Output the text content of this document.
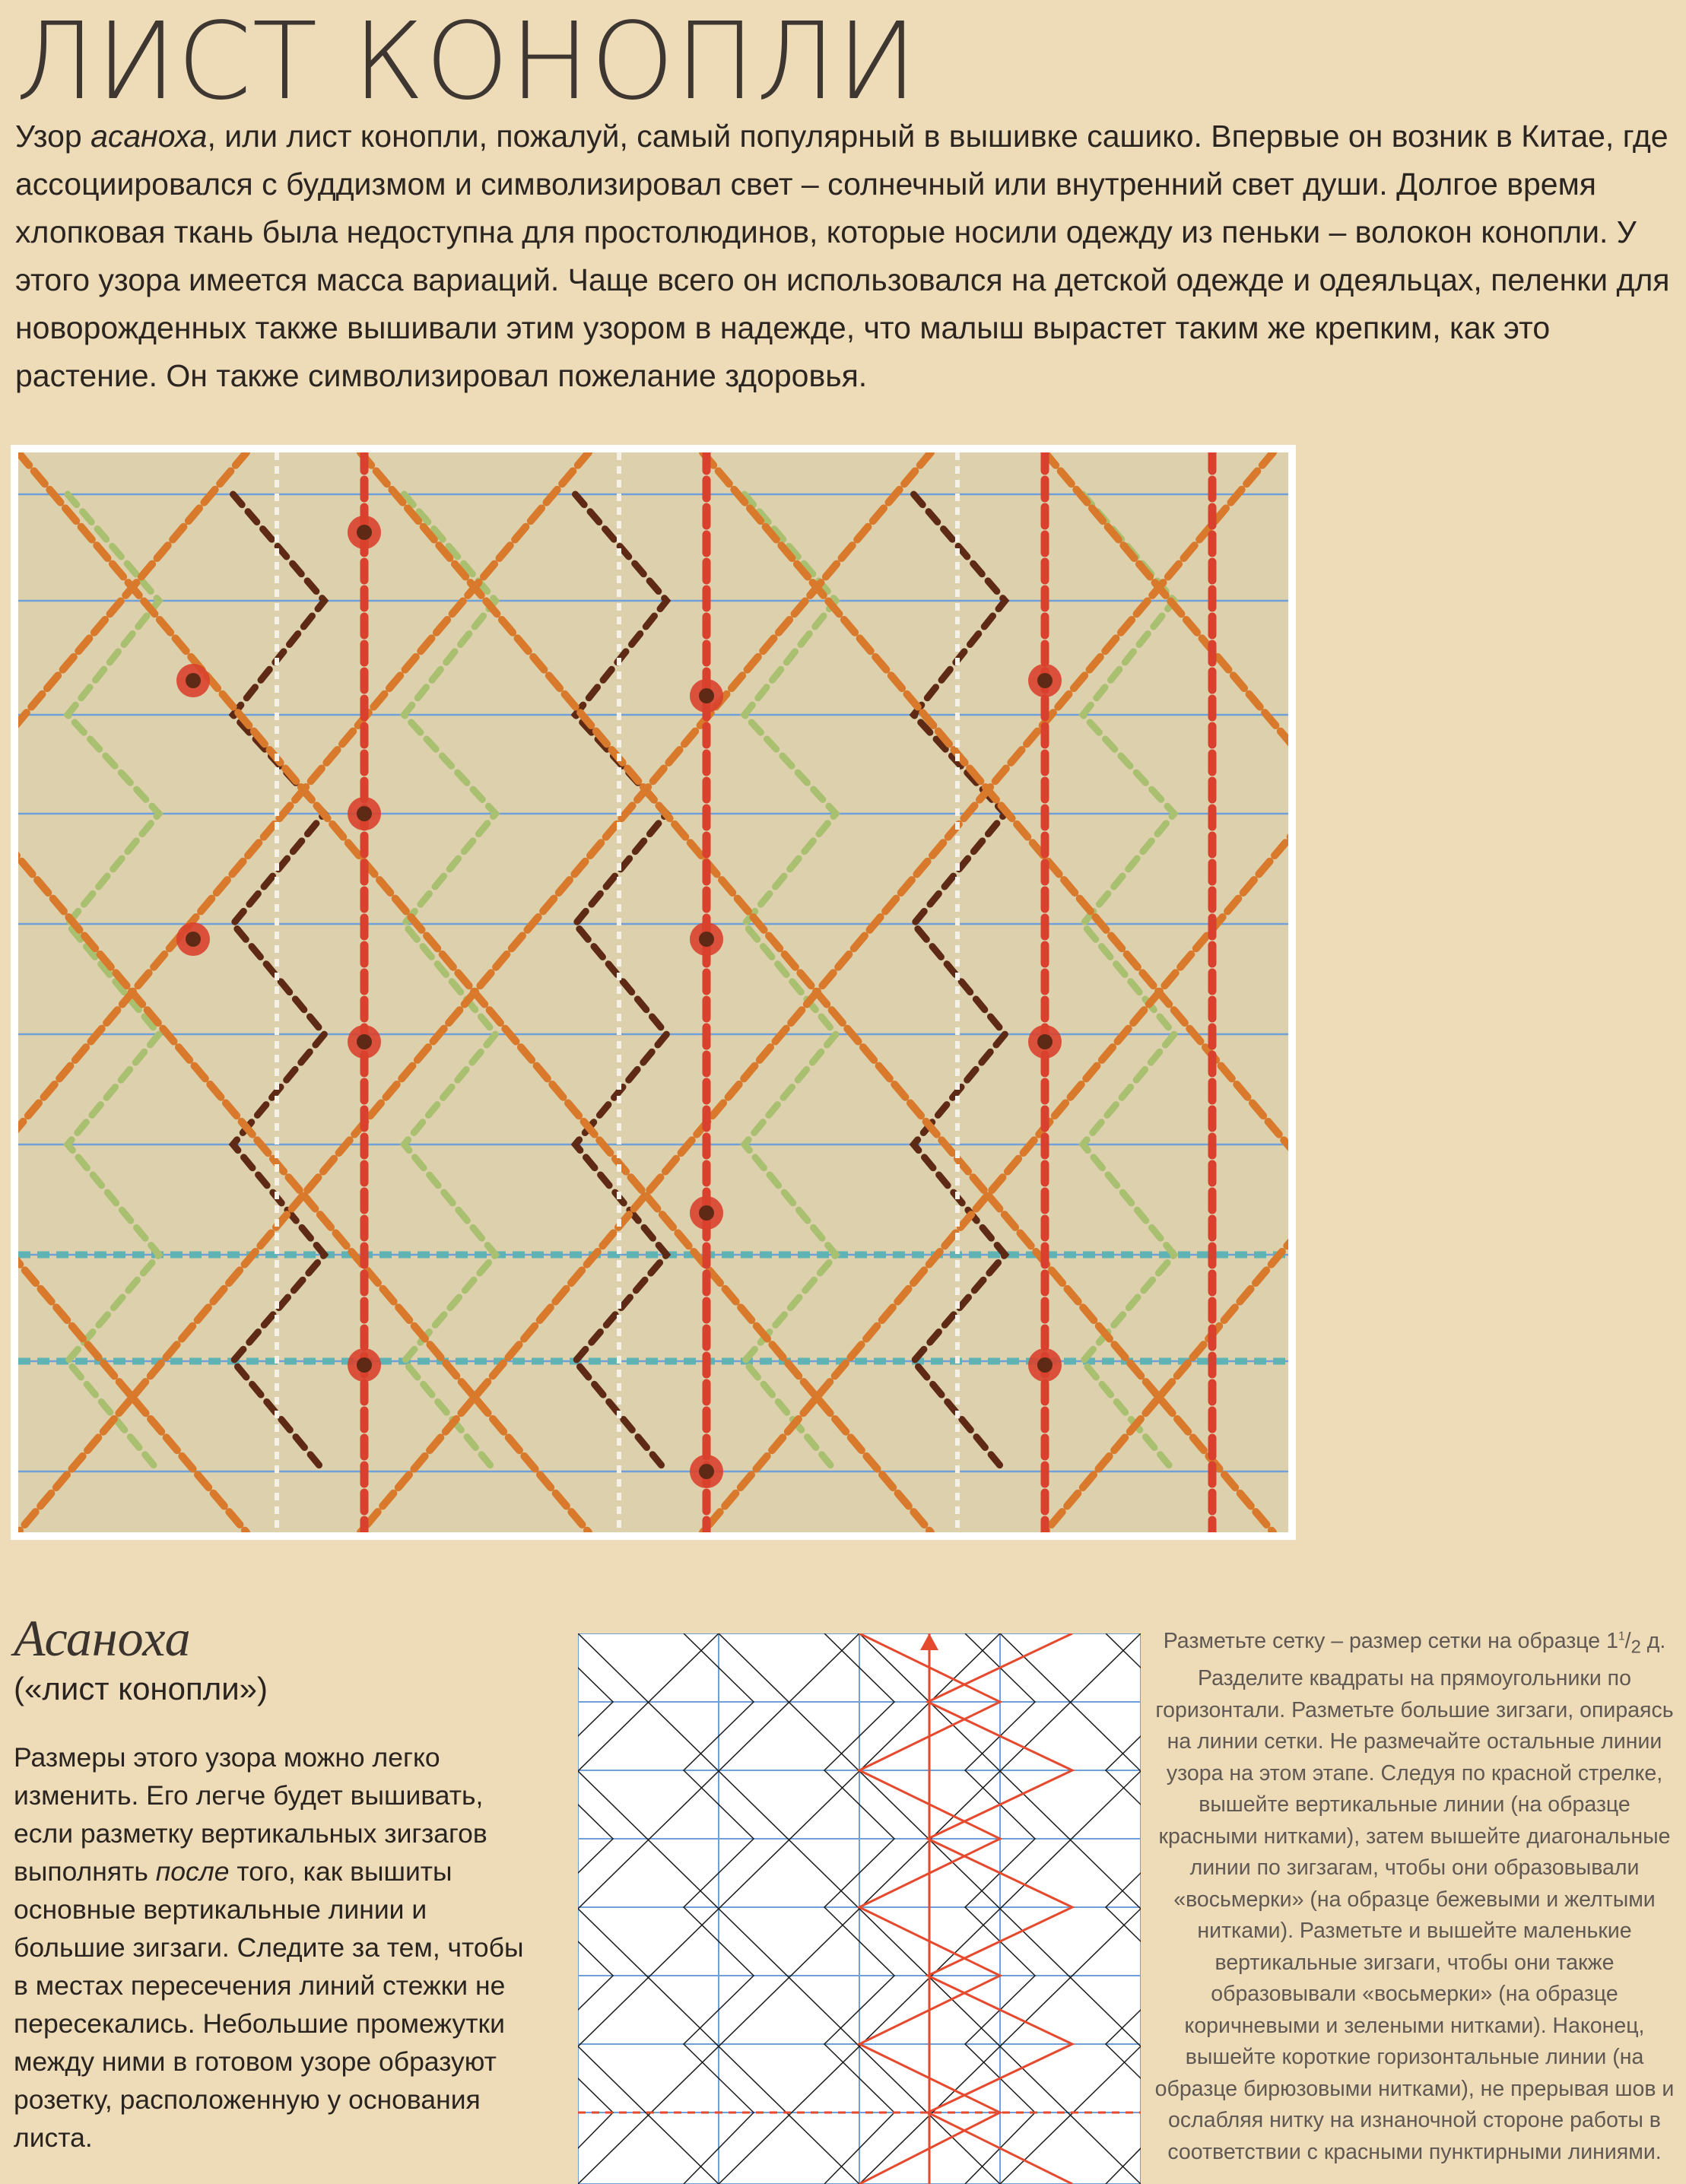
ЛИСТ КОНОПЛИ

Узор асаноха, или лист конопли, пожалуй, самый популярный в вышивке сашико. Впервые он возник в Китае, где ассоциировался с буддизмом и символизировал свет – солнечный или внутренний свет души. Долгое время хлопковая ткань была недоступна для простолюдинов, которые носили одежду из пеньки – волокон конопли. У этого узора имеется масса вариаций. Чаще всего он использовался на детской одежде и одеяльцах, пеленки для новорожденных также вышивали этим узором в надежде, что малыш вырастет таким же крепким, как это растение. Он также символизировал пожелание здоровья.

Асаноха
(«лист конопли»)
Размеры этого узора можно легко изменить. Его легче будет вышивать, если разметку вертикальных зигзагов выполнять после того, как вышиты основные вертикальные линии и большие зигзаги. Следите за тем, чтобы в местах пересечения линий стежки не пересекались. Небольшие промежутки между ними в готовом узоре образуют розетку, расположенную у основания листа.
Разметьте сетку – размер сетки на образце $1^1/_2$ д. Разделите квадраты на прямоугольники по горизонтали. Разметьте большие зигзаги, опираясь на линии сетки. Не размечайте остальные линии узора на этом этапе. Следуя по красной стрелке, вышейте вертикальные линии (на образце красными нитками), затем вышейте диагональные линии по зигзагам, чтобы они образовывали «восьмерки» (на образце бежевыми и желтыми нитками). Разметьте и вышейте маленькие вертикальные зигзаги, чтобы они также образовывали «восьмерки» (на образце коричневыми и зелеными нитками). Наконец, вышейте короткие горизонтальные линии (на образце бирюзовыми нитками), не прерывая шов и ослабляя нитку на изнаночной стороне работы в соответствии с красными пунктирными линиями.
